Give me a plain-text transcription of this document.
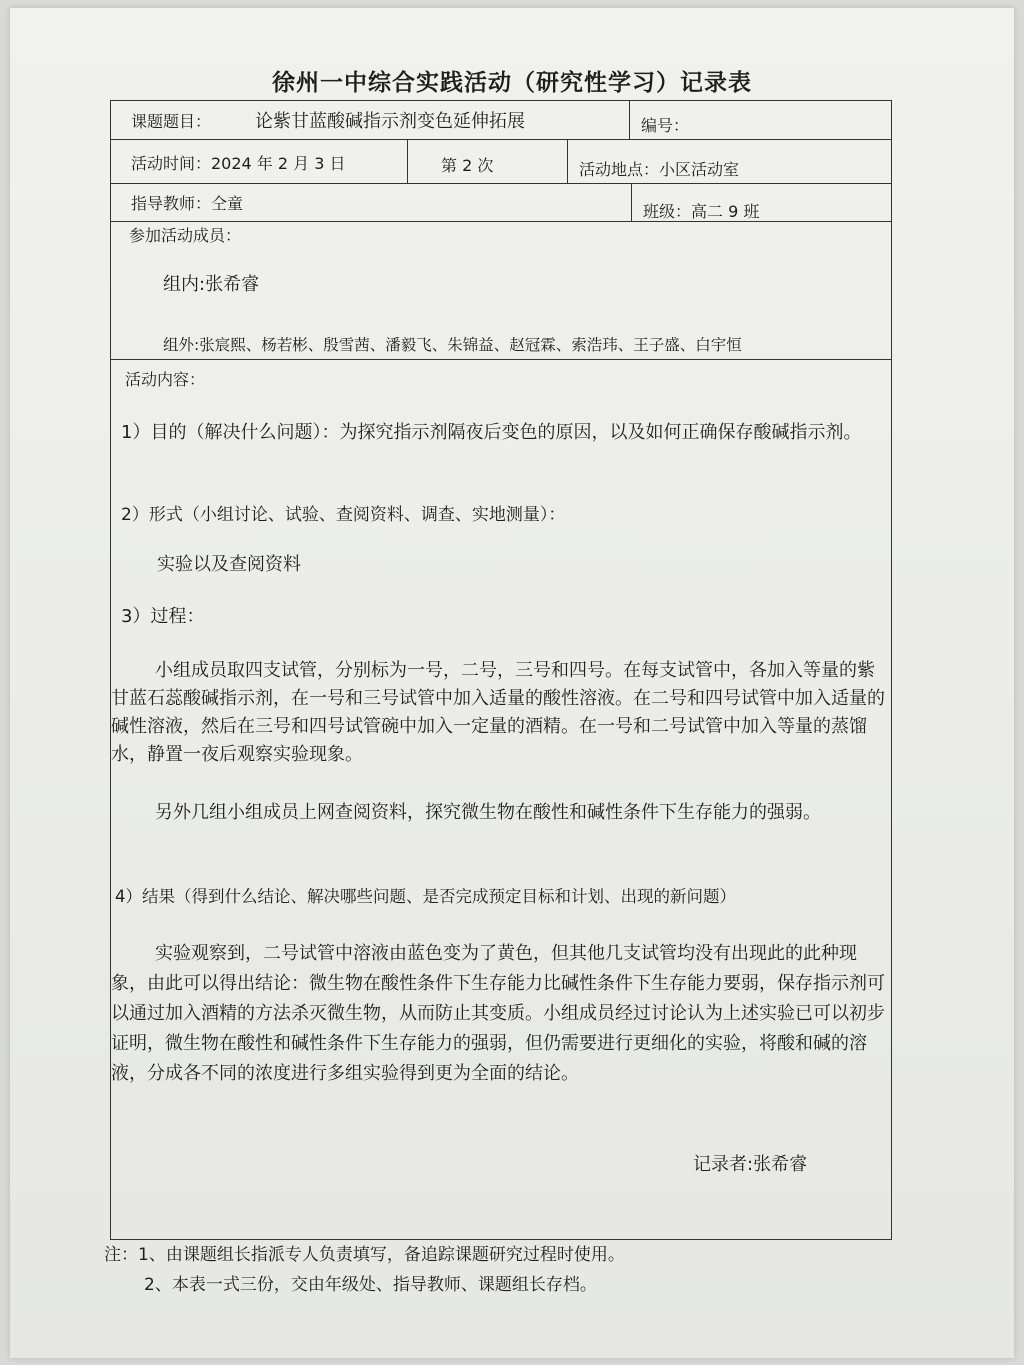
徐州一中综合实践活动（研究性学习）记录表
课题题目： 论紫甘蓝酸碱指示剂变色延伸拓展	编号：
活动时间：2024 年 2 月 3 日	第 2 次	活动地点：小区活动室
指导教师：仝童	班级：高二 9 班
参加活动成员：
组内:张希睿
组外:张宸熙、杨若彬、殷雪茜、潘毅飞、朱锦益、赵冠霖、索浩玮、王子盛、白宇恒
活动内容：
1）目的（解决什么问题）：为探究指示剂隔夜后变色的原因，以及如何正确保存酸碱指示剂。
2）形式（小组讨论、试验、查阅资料、调查、实地测量）：
实验以及查阅资料
3）过程：

小组成员取四支试管，分别标为一号，二号，三号和四号。在每支试管中，各加入等量的紫甘蓝石蕊酸碱指示剂，在一号和三号试管中加入适量的酸性溶液。在二号和四号试管中加入适量的碱性溶液，然后在三号和四号试管碗中加入一定量的酒精。在一号和二号试管中加入等量的蒸馏水，静置一夜后观察实验现象。

另外几组小组成员上网查阅资料，探究微生物在酸性和碱性条件下生存能力的强弱。

4）结果（得到什么结论、解决哪些问题、是否完成预定目标和计划、出现的新问题）

实验观察到，二号试管中溶液由蓝色变为了黄色，但其他几支试管均没有出现此的此种现象，由此可以得出结论：微生物在酸性条件下生存能力比碱性条件下生存能力要弱，保存指示剂可以通过加入酒精的方法杀灭微生物，从而防止其变质。小组成员经过讨论认为上述实验已可以初步证明，微生物在酸性和碱性条件下生存能力的强弱，但仍需要进行更细化的实验，将酸和碱的溶液，分成各不同的浓度进行多组实验得到更为全面的结论。

记录者:张希睿
注：1、由课题组长指派专人负责填写，备追踪课题研究过程时使用。
2、本表一式三份，交由年级处、指导教师、课题组长存档。
